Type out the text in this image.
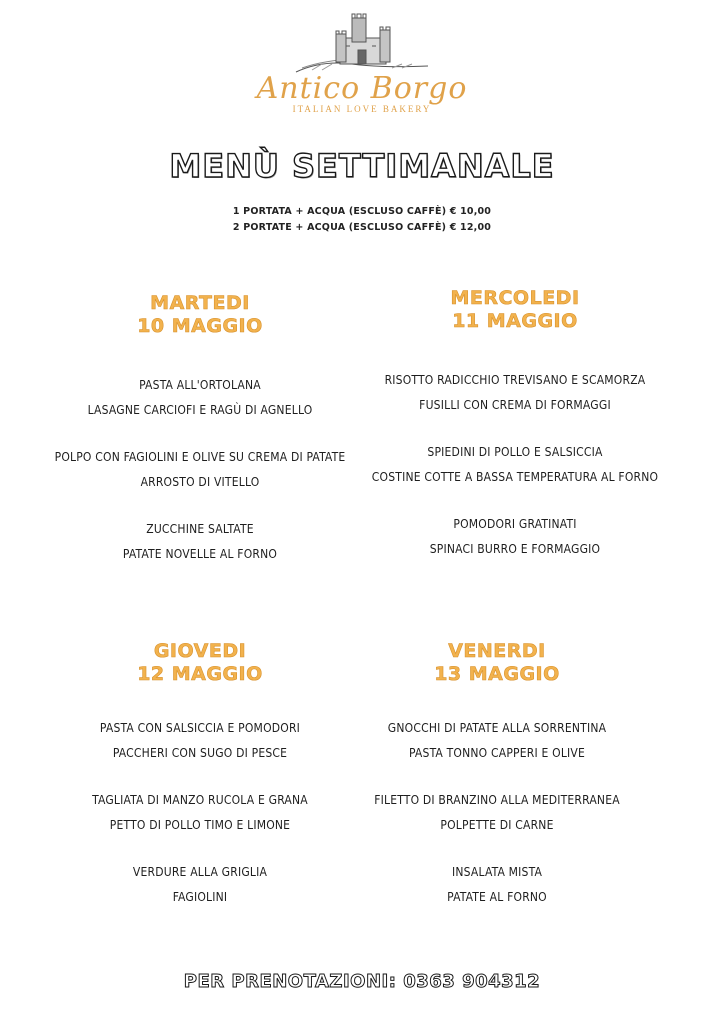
Antico Borgo
ITALIAN LOVE BAKERY
MENÙ SETTIMANALE
1 PORTATA + ACQUA (ESCLUSO CAFFÈ) € 10,00
2 PORTATE + ACQUA (ESCLUSO CAFFÈ) € 12,00
MARTEDI
10 MAGGIO
PASTA ALL'ORTOLANA
LASAGNE CARCIOFI E RAGÙ DI AGNELLO
POLPO CON FAGIOLINI E OLIVE SU CREMA DI PATATE
ARROSTO DI VITELLO
ZUCCHINE SALTATE
PATATE NOVELLE AL FORNO
MERCOLEDI
11 MAGGIO
RISOTTO RADICCHIO TREVISANO E SCAMORZA
FUSILLI CON CREMA DI FORMAGGI
SPIEDINI DI POLLO E SALSICCIA
COSTINE COTTE A BASSA TEMPERATURA AL FORNO
POMODORI GRATINATI
SPINACI BURRO E FORMAGGIO
GIOVEDI
12 MAGGIO
PASTA CON SALSICCIA E POMODORI
PACCHERI CON SUGO DI PESCE
TAGLIATA DI MANZO RUCOLA E GRANA
PETTO DI POLLO TIMO E LIMONE
VERDURE ALLA GRIGLIA
FAGIOLINI
VENERDI
13 MAGGIO
GNOCCHI DI PATATE ALLA SORRENTINA
PASTA TONNO CAPPERI E OLIVE
FILETTO DI BRANZINO ALLA MEDITERRANEA
POLPETTE DI CARNE
INSALATA MISTA
PATATE AL FORNO
PER PRENOTAZIONI: 0363 904312
